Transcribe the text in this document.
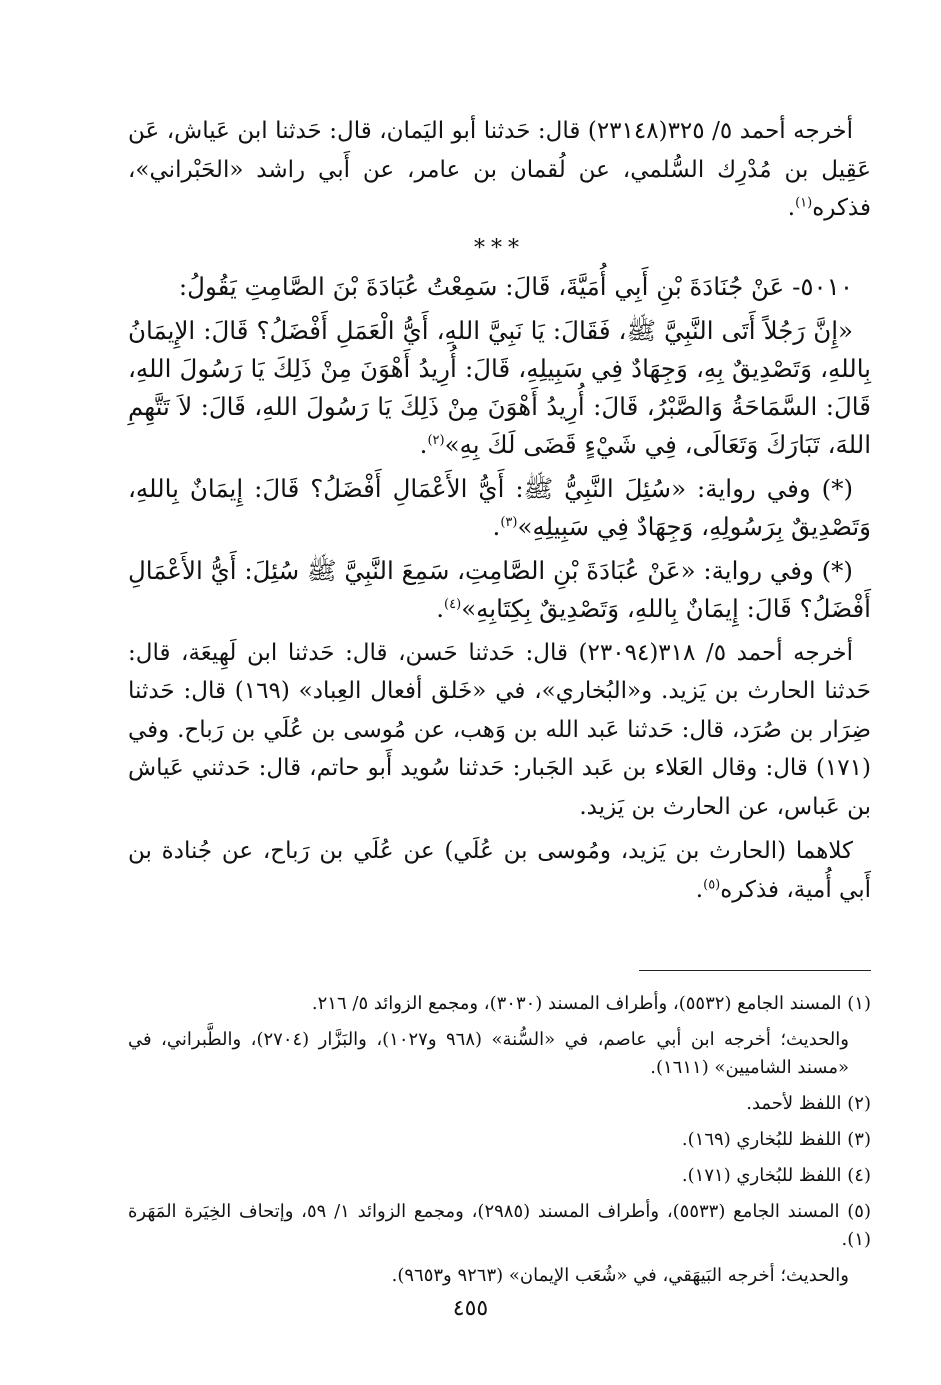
أخرجه أحمد ٥/ ٣٢٥(٢٣١٤٨) قال: حَدثنا أبو اليَمان، قال: حَدثنا ابن عَياش، عَن عَقِيل بن مُدْرِك السُّلمي، عن لُقمان بن عامر، عن أَبي راشد «الحَبْراني»، فذكره$^{(١)}$.

***

٥٠١٠- عَنْ جُنَادَةَ بْنِ أَبِي أُمَيَّةَ، قَالَ: سَمِعْتُ عُبَادَةَ بْنَ الصَّامِتِ يَقُولُ:

«إِنَّ رَجُلاً أَتَى النَّبِيَّ ﷺ، فَقَالَ: يَا نَبِيَّ اللهِ، أَيُّ الْعَمَلِ أَفْضَلُ؟ قَالَ: الإِيمَانُ بِاللهِ، وَتَصْدِيقٌ بِهِ، وَجِهَادٌ فِي سَبِيلِهِ، قَالَ: أُرِيدُ أَهْوَنَ مِنْ ذَلِكَ يَا رَسُولَ اللهِ، قَالَ: السَّمَاحَةُ وَالصَّبْرُ، قَالَ: أُرِيدُ أَهْوَنَ مِنْ ذَلِكَ يَا رَسُولَ اللهِ، قَالَ: لاَ تَتَّهِمِ اللهَ، تَبَارَكَ وَتَعَالَى، فِي شَيْءٍ قَضَى لَكَ بِهِ»$^{(٢)}$.

(*) وفي رواية: «سُئِلَ النَّبِيُّ ﷺ: أَيُّ الأَعْمَالِ أَفْضَلُ؟ قَالَ: إِيمَانٌ بِاللهِ، وَتَصْدِيقٌ بِرَسُولِهِ، وَجِهَادٌ فِي سَبِيلِهِ»$^{(٣)}$.

(*) وفي رواية: «عَنْ عُبَادَةَ بْنِ الصَّامِتِ، سَمِعَ النَّبِيَّ ﷺ سُئِلَ: أَيُّ الأَعْمَالِ أَفْضَلُ؟ قَالَ: إِيمَانٌ بِاللهِ، وَتَصْدِيقٌ بِكِتَابِهِ»$^{(٤)}$.

أخرجه أحمد ٥/ ٣١٨(٢٣٠٩٤) قال: حَدثنا حَسن، قال: حَدثنا ابن لَهِيعَة، قال: حَدثنا الحارث بن يَزيد. و«البُخاري»، في «خَلق أفعال العِباد» (١٦٩) قال: حَدثنا ضِرَار بن صُرَد، قال: حَدثنا عَبد الله بن وَهب، عن مُوسى بن عُلَي بن رَباح. وفي (١٧١) قال: وقال العَلاء بن عَبد الجَبار: حَدثنا سُويد أَبو حاتم، قال: حَدثني عَياش بن عَباس، عن الحارث بن يَزيد.

كلاهما (الحارث بن يَزيد، ومُوسى بن عُلَي) عن عُلَي بن رَباح، عن جُنادة بن أَبي أُمية، فذكره$^{(٥)}$.

(١) المسند الجامع (٥٥٣٢)، وأطراف المسند (٣٠٣٠)، ومجمع الزوائد ٥/ ٢١٦.

والحديث؛ أخرجه ابن أبي عاصم، في «السُّنة» (٩٦٨ و١٠٢٧)، والبَزَّار (٢٧٠٤)، والطَّبراني، في «مسند الشاميين» (١٦١١).

(٢) اللفظ لأحمد.

(٣) اللفظ للبُخاري (١٦٩).

(٤) اللفظ للبُخاري (١٧١).

(٥) المسند الجامع (٥٥٣٣)، وأطراف المسند (٢٩٨٥)، ومجمع الزوائد ١/ ٥٩، وإتحاف الخِيَرة المَهَرة (١).

والحديث؛ أخرجه البَيهَقي، في «شُعَب الإيمان» (٩٢٦٣ و٩٦٥٣).

٤٥٥
